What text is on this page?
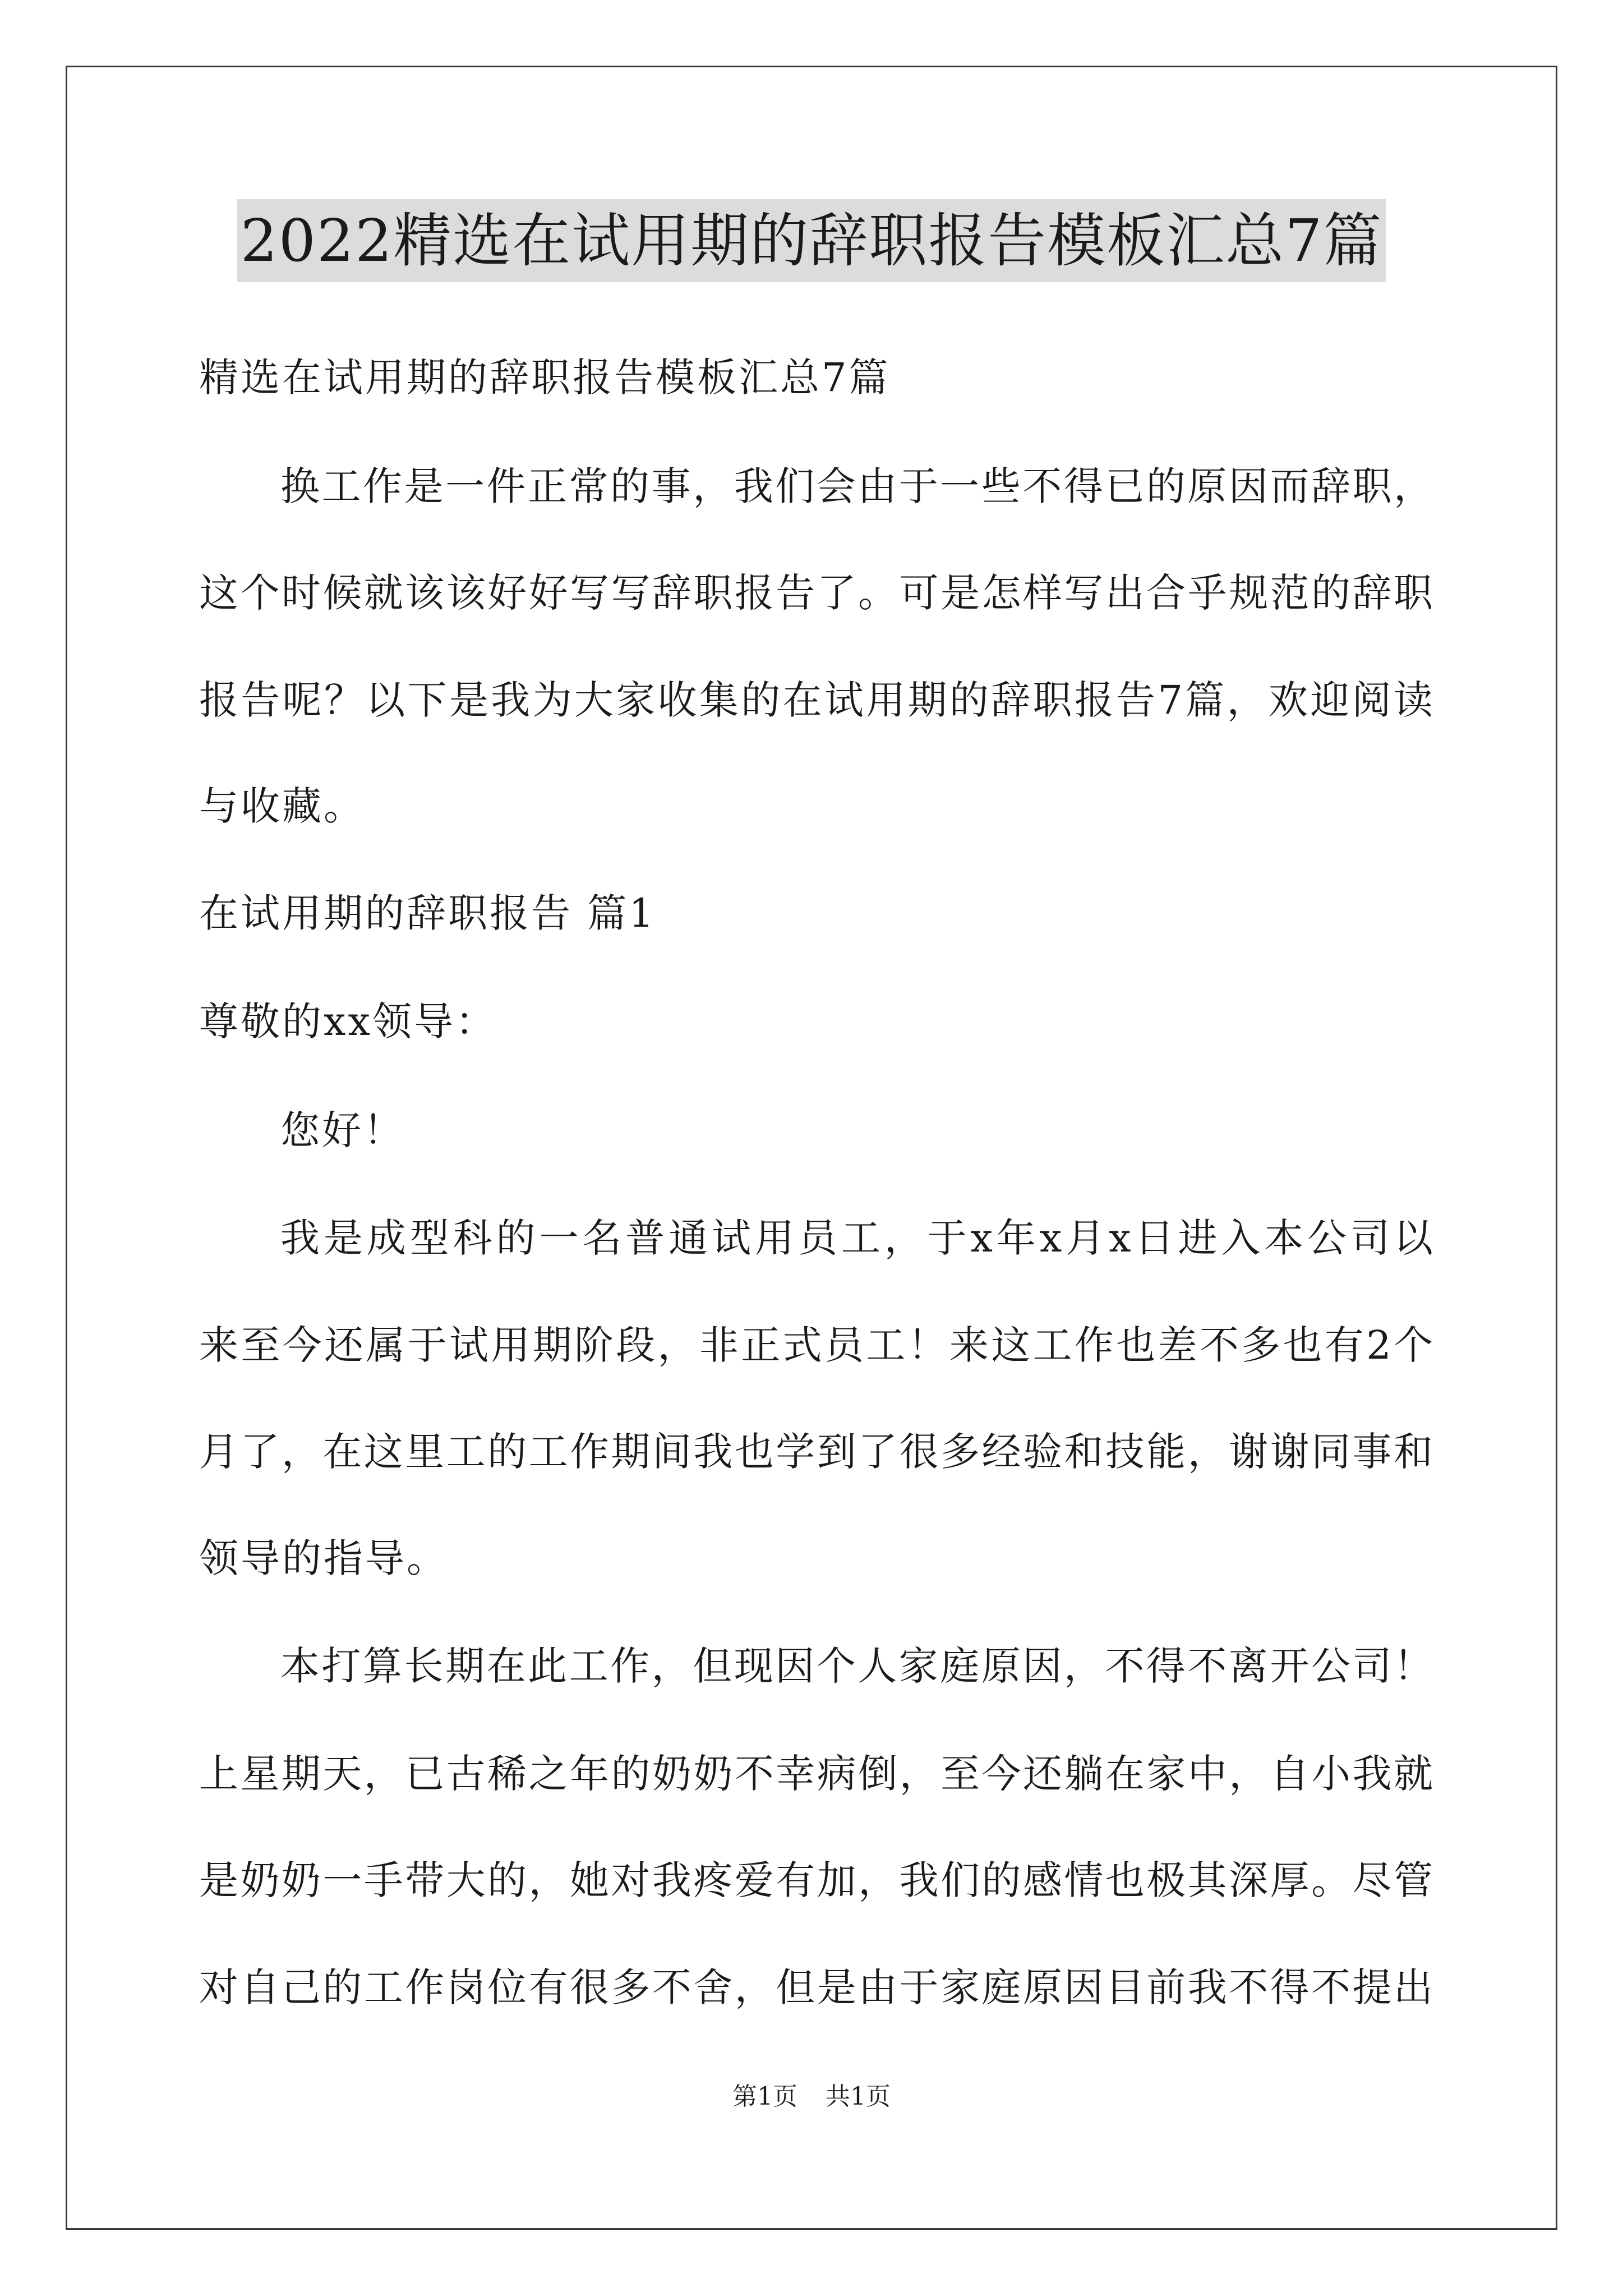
2022精选在试用期的辞职报告模板汇总7篇
精选在试用期的辞职报告模板汇总7篇
换工作是一件正常的事，我们会由于一些不得已的原因而辞职，
这个时候就该该好好写写辞职报告了。可是怎样写出合乎规范的辞职
报告呢？以下是我为大家收集的在试用期的辞职报告7篇，欢迎阅读
与收藏。
在试用期的辞职报告 篇1
尊敬的xx领导：
您好！
我是成型科的一名普通试用员工，于x年x月x日进入本公司以
来至今还属于试用期阶段，非正式员工！来这工作也差不多也有2个
月了，在这里工的工作期间我也学到了很多经验和技能，谢谢同事和
领导的指导。
本打算长期在此工作，但现因个人家庭原因，不得不离开公司！
上星期天，已古稀之年的奶奶不幸病倒，至今还躺在家中，自小我就
是奶奶一手带大的，她对我疼爱有加，我们的感情也极其深厚。尽管
对自己的工作岗位有很多不舍，但是由于家庭原因目前我不得不提出
第1页 共1页
